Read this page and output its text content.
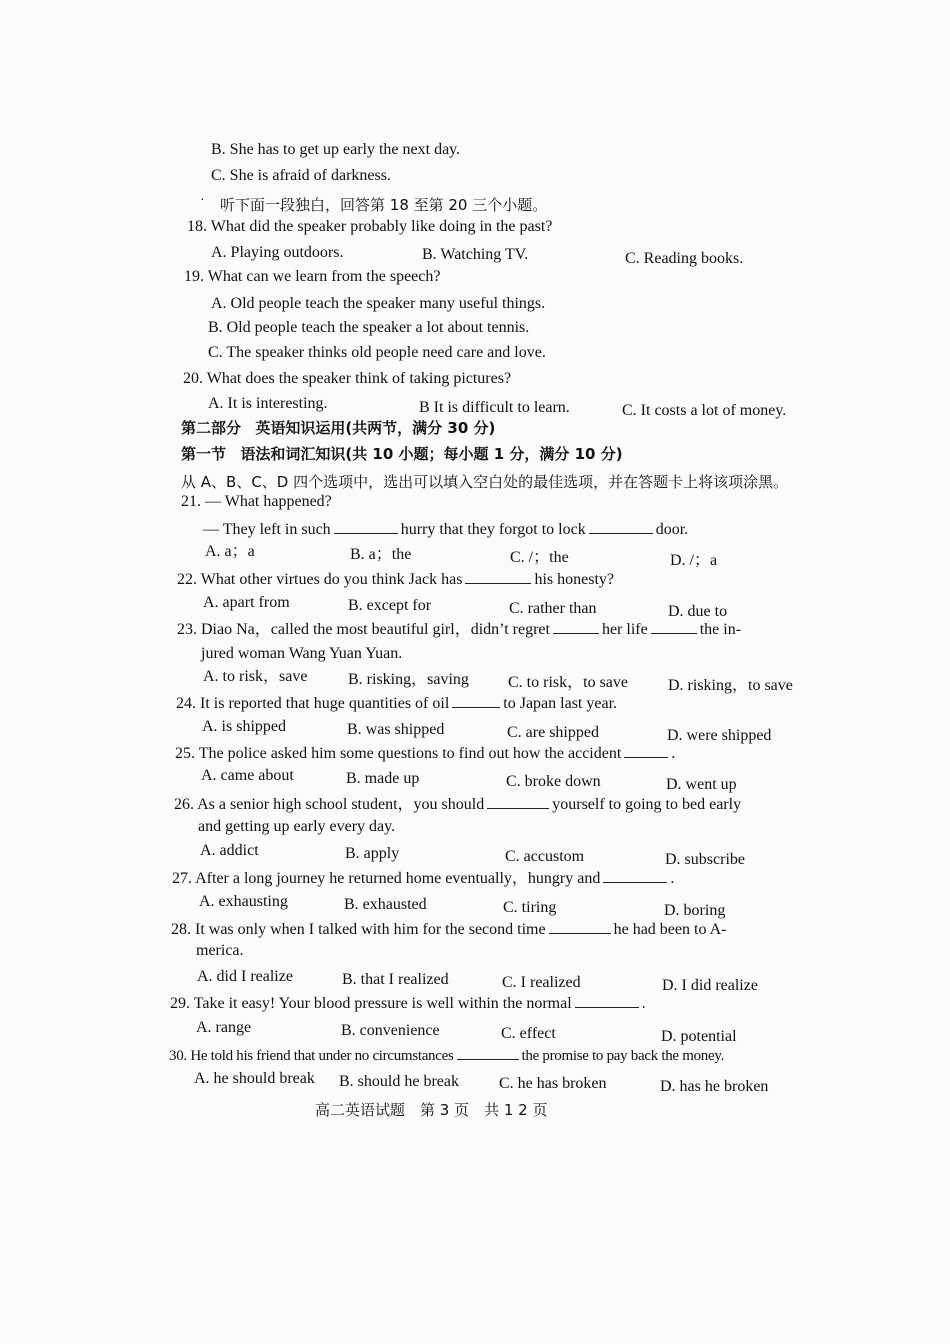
B. She has to get up early the next day.
C. She is afraid of darkness.
· 听下面一段独白，回答第 18 至第 20 三个小题。
18. What did the speaker probably like doing in the past?
A. Playing outdoors.	B. Watching TV.	C. Reading books.
19. What can we learn from the speech?
A. Old people teach the speaker many useful things.
B. Old people teach the speaker a lot about tennis.
C. The speaker thinks old people need care and love.
20. What does the speaker think of taking pictures?
A. It is interesting.	B It is difficult to learn.	C. It costs a lot of money.
第二部分 英语知识运用(共两节，满分 30 分)
第一节 语法和词汇知识(共 10 小题；每小题 1 分，满分 10 分)
从 A、B、C、D 四个选项中，选出可以填入空白处的最佳选项，并在答题卡上将该项涂黑。
21. — What happened?
— They left in such	hurry that they forgot to lock	door.
A. a；a	B. a；the	C. /；the	D. /；a
22. What other virtues do you think Jack has	his honesty?
A. apart from	B. except for	C. rather than	D. due to
23. Diao Na，called the most beautiful girl，didn’t regret	her life	the in-
jured woman Wang Yuan Yuan.
A. to risk，save	B. risking，saving C. to risk，to save	D. risking，to save
24. It is reported that huge quantities of oil	to Japan last year.
A. is shipped	B. was shipped	C. are shipped	D. were shipped
25. The police asked him some questions to find out how the accident	.
A. came about	B. made up	C. broke down	D. went up
26. As a senior high school student，you should	yourself to going to bed early
and getting up early every day.
A. addict	B. apply	C. accustom	D. subscribe
27. After a long journey he returned home eventually，hungry and	.
A. exhausting	B. exhausted	C. tiring	D. boring
28. It was only when I talked with him for the second time	he had been to A-
merica.
A. did I realize	B. that I realized	C. I realized	D. I did realize
29. Take it easy! Your blood pressure is well within the normal	.
A. range	B. convenience	C. effect	D. potential
30. He told his friend that under no circumstances	the promise to pay back the money.
A. he should break B. should he break	C. he has broken	D. has he broken
高二英语试题　第 3 页　共 1 2 页
